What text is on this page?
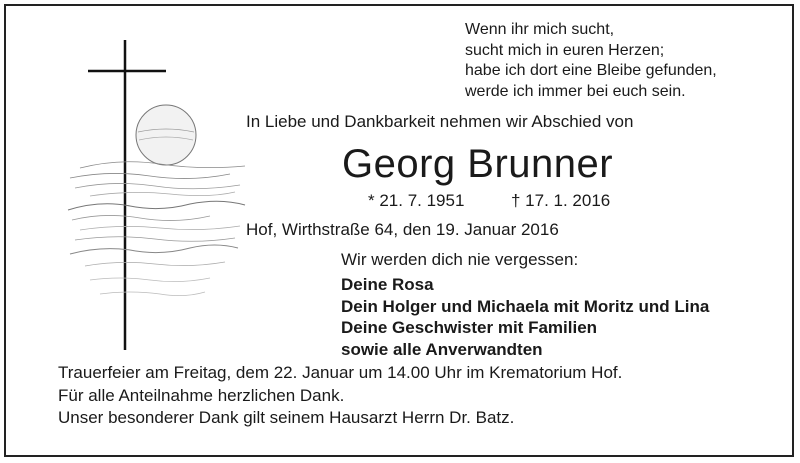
Wenn ihr mich sucht,
sucht mich in euren Herzen;
habe ich dort eine Bleibe gefunden,
werde ich immer bei euch sein.
In Liebe und Dankbarkeit nehmen wir Abschied von
Georg Brunner
* 21. 7. 1951	† 17. 1. 2016
Hof, Wirthstraße 64, den 19. Januar 2016
Wir werden dich nie vergessen:
Deine Rosa
Dein Holger und Michaela mit Moritz und Lina
Deine Geschwister mit Familien
sowie alle Anverwandten
Trauerfeier am Freitag, dem 22. Januar um 14.00 Uhr im Krematorium Hof.
Für alle Anteilnahme herzlichen Dank.
Unser besonderer Dank gilt seinem Hausarzt Herrn Dr. Batz.
